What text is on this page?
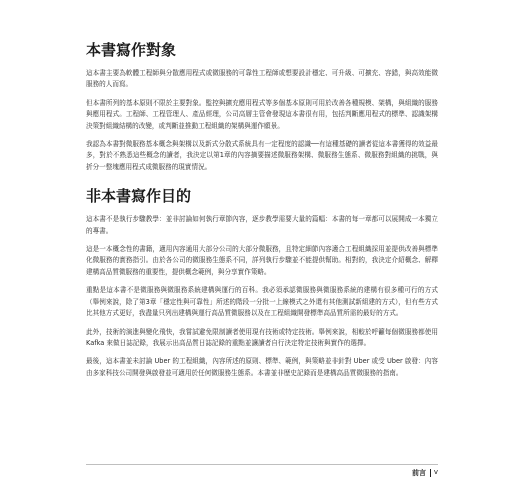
本書寫作對象

這本書主要為軟體工程師與分散應用程式或微服務的可靠性工程師或想要設計穩定、可升級、可擴充、容錯，與高效能微服務的人而寫。

但本書所列的基本原則不限於主要對象。監控與擴充應用程式等多個基本原則可用於改善各種規模、架構，與組織的服務與應用程式。工程師、工程管理人、產品經理，公司高層主管會發現這本書很有用，包括判斷應用程式的標準、認識架構決策對組織結構的改變，或判斷並推動工程組織的架構與運作願景。

我認為本書對微服務基本概念與架構以及新式分散式系統具有一定程度的認識──有這種基礎的讀者從這本書獲得的效益最多，對於不熟悉這些概念的讀者，我決定以第1章的內容摘要描述微服務架構、微服務生態系、微服務對組織的挑戰，與折分一整塊應用程式成微服務的現實情況。

非本書寫作目的

這本書不是執行步驟教學：並非討論如何執行章節內容，逐步教學需要大量的篇幅：本書的每一章都可以展開成一本獨立的專書。

這是一本概念性的書籍，適用內容通用大部分公司的大部分微服務，且特定細節內容適合工程組織採用並提供改善與標準化微服務的實務指引。由於各公司的微服務生態系不同，詳列執行步驟並不能提供幫助。相對的，我決定介紹概念、解釋建構高品質微服務的重要性，提供概念範例，與分享實作策略。

重點是這本書不是微服務與微服務系統建構與運行的百科。我必須承認微服務與微服務系統的建構有很多種可行的方式（舉例來說，除了第3章「穩定性與可靠性」所述的階段一分批一上線模式之外還有其他測試新組建的方式），但有些方式比其他方式更好，我盡量只列出建構與運行高品質微服務以及在工程組織開發標準高品質所需的最好的方式。

此外，技術的演進與變化飛快，我嘗試避免限制讀者使用現有技術或特定技術。舉例來說，相較於呼籲每個微服務都使用 Kafka 來做日誌記錄，我展示出高品質日誌記錄的重點並讓讀者自行決定特定技術與實作的選擇。

最後，這本書並未討論 Uber 的工程組織，內容所述的原則、標準、範例，與策略並非針對 Uber 或受 Uber 啟發：內容由多家科技公司開發與啟發並可適用於任何微服務生態系。本書並非歷史記錄而是建構高品質微服務的指南。

前言 v
